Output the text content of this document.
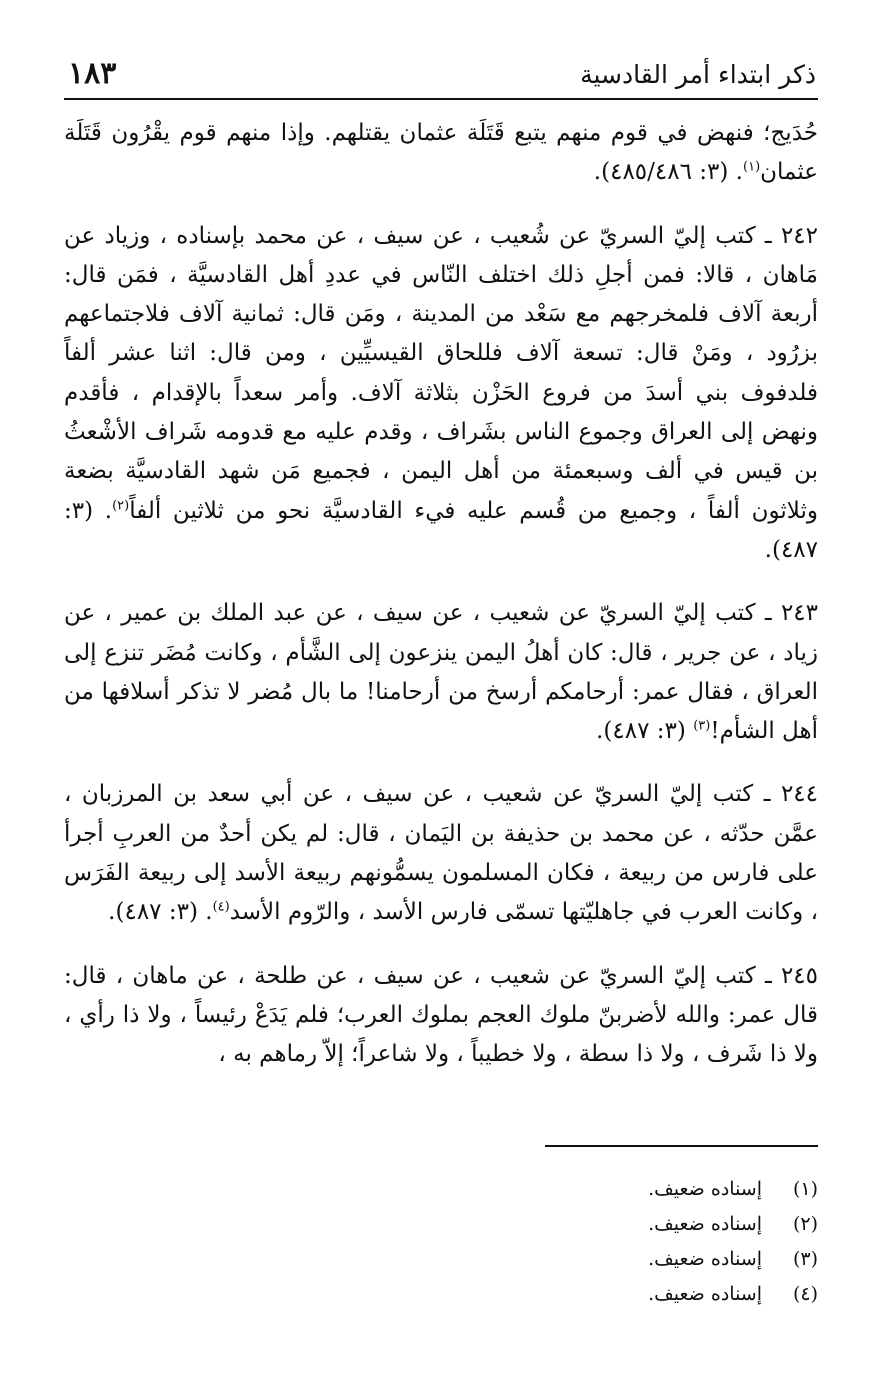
١٨٣	ذكر ابتداء أمر القادسية

حُدَيج؛ فنهض في قوم منهم يتبع قَتَلَة عثمان يقتلهم. وإذا منهم قوم يقْرُون قَتَلَة عثمان$^{(١)}$. (٣: ٤٨٥/٤٨٦).

٢٤٢ ـ كتب إليّ السريّ عن شُعيب ، عن سيف ، عن محمد بإسناده ، وزياد عن مَاهان ، قالا: فمن أجلِ ذلك اختلف النّاس في عددِ أهل القادسيَّة ، فمَن قال: أربعة آلاف فلمخرجهم مع سَعْد من المدينة ، ومَن قال: ثمانية آلاف فلاجتماعهم بزرُود ، ومَنْ قال: تسعة آلاف فللحاق القيسيِّين ، ومن قال: اثنا عشر ألفاً فلدفوف بني أسدَ من فروع الحَزْن بثلاثة آلاف. وأمر سعداً بالإقدام ، فأقدم ونهض إلى العراق وجموع الناس بشَراف ، وقدم عليه مع قدومه شَراف الأشْعثُ بن قيس في ألف وسبعمئة من أهل اليمن ، فجميع مَن شهد القادسيَّة بضعة وثلاثون ألفاً ، وجميع من قُسم عليه فيء القادسيَّة نحو من ثلاثين ألفاً$^{(٢)}$. (٣: ٤٨٧).

٢٤٣ ـ كتب إليّ السريّ عن شعيب ، عن سيف ، عن عبد الملك بن عمير ، عن زياد ، عن جرير ، قال: كان أهلُ اليمن ينزعون إلى الشَّأم ، وكانت مُضَر تنزع إلى العراق ، فقال عمر: أرحامكم أرسخ من أرحامنا! ما بال مُضر لا تذكر أسلافها من أهل الشأم!$^{(٣)}$ (٣: ٤٨٧).

٢٤٤ ـ كتب إليّ السريّ عن شعيب ، عن سيف ، عن أبي سعد بن المرزبان ، عمَّن حدّثه ، عن محمد بن حذيفة بن اليَمان ، قال: لم يكن أحدٌ من العربِ أجرأ على فارس من ربيعة ، فكان المسلمون يسمُّونهم ربيعة الأسد إلى ربيعة الفَرَس ، وكانت العرب في جاهليّتها تسمّى فارس الأسد ، والرّوم الأسد$^{(٤)}$. (٣: ٤٨٧).

٢٤٥ ـ كتب إليّ السريّ عن شعيب ، عن سيف ، عن طلحة ، عن ماهان ، قال: قال عمر: والله لأضربنّ ملوك العجم بملوك العرب؛ فلم يَدَعْ رئيساً ، ولا ذا رأي ، ولا ذا شَرف ، ولا ذا سطة ، ولا خطيباً ، ولا شاعراً؛ إلاّ رماهم به ،

(١)إسناده ضعيف.

(٢)إسناده ضعيف.

(٣)إسناده ضعيف.

(٤)إسناده ضعيف.
